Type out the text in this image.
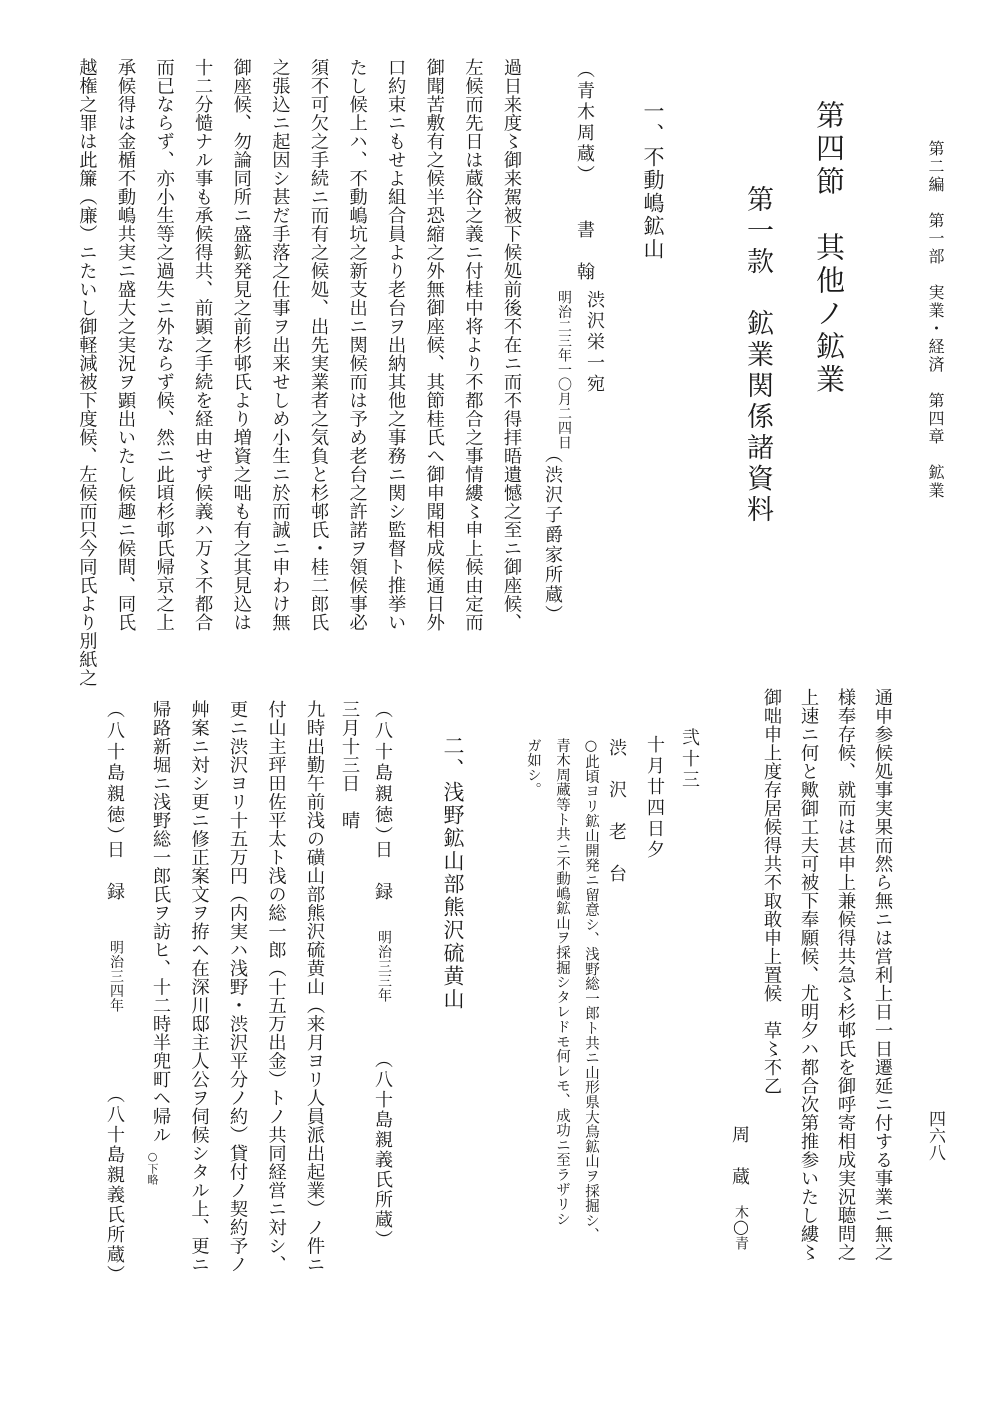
第二編　第一部　実業・経済　第四章　鉱業
四六八
第四節　其他ノ鉱業
第一款　鉱業関係諸資料
一、不動嶋鉱山
（渋沢子爵家所蔵）
（青木周蔵）
書　翰
渋沢栄一宛
明治二三年一〇月二四日
過日来度〻御来駕被下候処前後不在ニ而不得拝晤遺憾之至ニ御座候、
左候而先日は蔵谷之義ニ付桂中将より不都合之事情縷〻申上候由定而
御聞苦敷有之候半恐縮之外無御座候、其節桂氏へ御申聞相成候通日外
口約束ニもせよ組合員より老台ヲ出納其他之事務ニ関シ監督ト推挙い
たし候上ハ、不動嶋坑之新支出ニ関候而は予め老台之許諾ヲ領候事必
須不可欠之手続ニ而有之候処、出先実業者之気負と杉邨氏・桂二郎氏
之張込ニ起因シ甚だ手落之仕事ヲ出来せしめ小生ニ於而誠ニ申わけ無
御座候、勿論同所ニ盛鉱発見之前杉邨氏より増資之咄も有之其見込は
十二分慥ナル事も承候得共、前顕之手続を経由せず候義ハ万〻不都合
而已ならず、亦小生等之過失ニ外ならず候、然ニ此頃杉邨氏帰京之上
承候得は金楯不動嶋共実ニ盛大之実況ヲ顕出いたし候趣ニ候間、同氏
越権之罪は此簾（廉）ニたいし御軽減被下度候、左候而只今同氏より別紙之
通申参候処事実果而然ら無ニは営利上日一日遷延ニ付する事業ニ無之
様奉存候、就而は甚申上兼候得共急〻杉邨氏を御呼寄相成実況聴問之
上速ニ何と歟御工夫可被下奉願候、尤明夕ハ都合次第推参いたし縷〻
御咄申上度存居候得共不取敢申上置候　草〻不乙
周　蔵
木◯青
弐十三
十月廿四日夕
渋　沢　老　台
○此頃ヨリ鉱山開発ニ留意シ、浅野総一郎ト共ニ山形県大鳥鉱山ヲ採掘シ、
青木周蔵等ト共ニ不動嶋鉱山ヲ採掘シタレドモ何レモ、成功ニ至ラザリシ
ガ如シ。
二、浅野鉱山部熊沢硫黄山
（八十島親義氏所蔵）
（八十島親徳）
日　録
明治三三年
三月十三日　晴
九時出勤午前浅の磺山部熊沢硫黄山（来月ヨリ人員派出起業）ノ件ニ
付山主玶田佐平太ト浅の総一郎（十五万出金）トノ共同経営ニ対シ、
更ニ渋沢ヨリ十五万円（内実ハ浅野・渋沢平分ノ約）貸付ノ契約予ノ
艸案ニ対シ更ニ修正案文ヲ拵ヘ在深川邸主人公ヲ伺候シタル上、更ニ
帰路新堀ニ浅野総一郎氏ヲ訪ヒ、十二時半兜町ヘ帰ル
○下略
（八十島親義氏所蔵）
（八十島親徳）
日　録
明治三四年
